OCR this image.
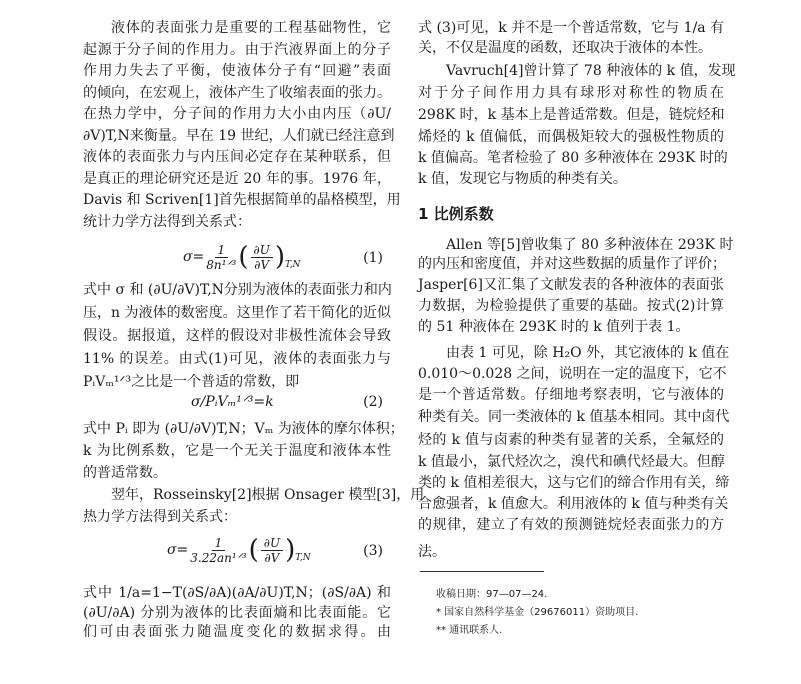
$\sigma= \frac{1}{\text{8n¹ᐟ³}}$ ( $\frac{\partial U}{\partial V}$ ) T,N	(1)
σ/PᵢVₘ¹ᐟ³=k	(2)
$\sigma= \frac{1}{\text{3.22an¹ᐟ³}}$ ( $\frac{\partial U}{\partial V}$ ) T,N	(3)
1 比例系数
收稿日期：97—07—24.
* 国家自然科学基金（29676011）资助项目.
** 通讯联系人.
液体的表面张力是重要的工程基础物性，它
起源于分子间的作用力。由于汽液界面上的分子
作用力失去了平衡，使液体分子有“回避”表面
的倾向，在宏观上，液体产生了收缩表面的张力。
在热力学中，分子间的作用力大小由内压（∂U/
∂V)T,N来衡量。早在 19 世纪，人们就已经注意到
液体的表面张力与内压间必定存在某种联系，但
是真正的理论研究还是近 20 年的事。1976 年，
Davis 和 Scriven[1]首先根据简单的晶格模型，用
统计力学方法得到关系式：
式中 σ 和 (∂U/∂V)T,N分别为液体的表面张力和内
压，n 为液体的数密度。这里作了若干简化的近似
假设。据报道，这样的假设对非极性流体会导致
11% 的误差。由式(1)可见，液体的表面张力与
PᵢVₘ¹ᐟ³之比是一个普适的常数，即
式中 Pᵢ 即为 (∂U/∂V)T,N；Vₘ 为液体的摩尔体积；
k 为比例系数，它是一个无关于温度和液体本性
的普适常数。
翌年，Rosseinsky[2]根据 Onsager 模型[3]，用
热力学方法得到关系式：
式中 1/a=1−T(∂S/∂A)(∂A/∂U)T,N；(∂S/∂A) 和
(∂U/∂A) 分别为液体的比表面熵和比表面能。它
们可由表面张力随温度变化的数据求得。由
式 (3)可见，k 并不是一个普适常数，它与 1/a 有
关，不仅是温度的函数，还取决于液体的本性。
Vavruch[4]曾计算了 78 种液体的 k 值，发现
对于分子间作用力具有球形对称性的物质在
298K 时，k 基本上是普适常数。但是，链烷烃和
烯烃的 k 值偏低，而偶极矩较大的强极性物质的
k 值偏高。笔者检验了 80 多种液体在 293K 时的
k 值，发现它与物质的种类有关。
Allen 等[5]曾收集了 80 多种液体在 293K 时
的内压和密度值，并对这些数据的质量作了评价；
Jasper[6]又汇集了文献发表的各种液体的表面张
力数据，为检验提供了重要的基础。按式(2)计算
的 51 种液体在 293K 时的 k 值列于表 1。
由表 1 可见，除 H₂O 外，其它液体的 k 值在
0.010～0.028 之间，说明在一定的温度下，它不
是一个普适常数。仔细地考察表明，它与液体的
种类有关。同一类液体的 k 值基本相同。其中卤代
烃的 k 值与卤素的种类有显著的关系，全氟烃的
k 值最小，氯代烃次之，溴代和碘代烃最大。但醇
类的 k 值相差很大，这与它们的缔合作用有关，缔
合愈强者，k 值愈大。利用液体的 k 值与种类有关
的规律，建立了有效的预测链烷烃表面张力的方
法。
